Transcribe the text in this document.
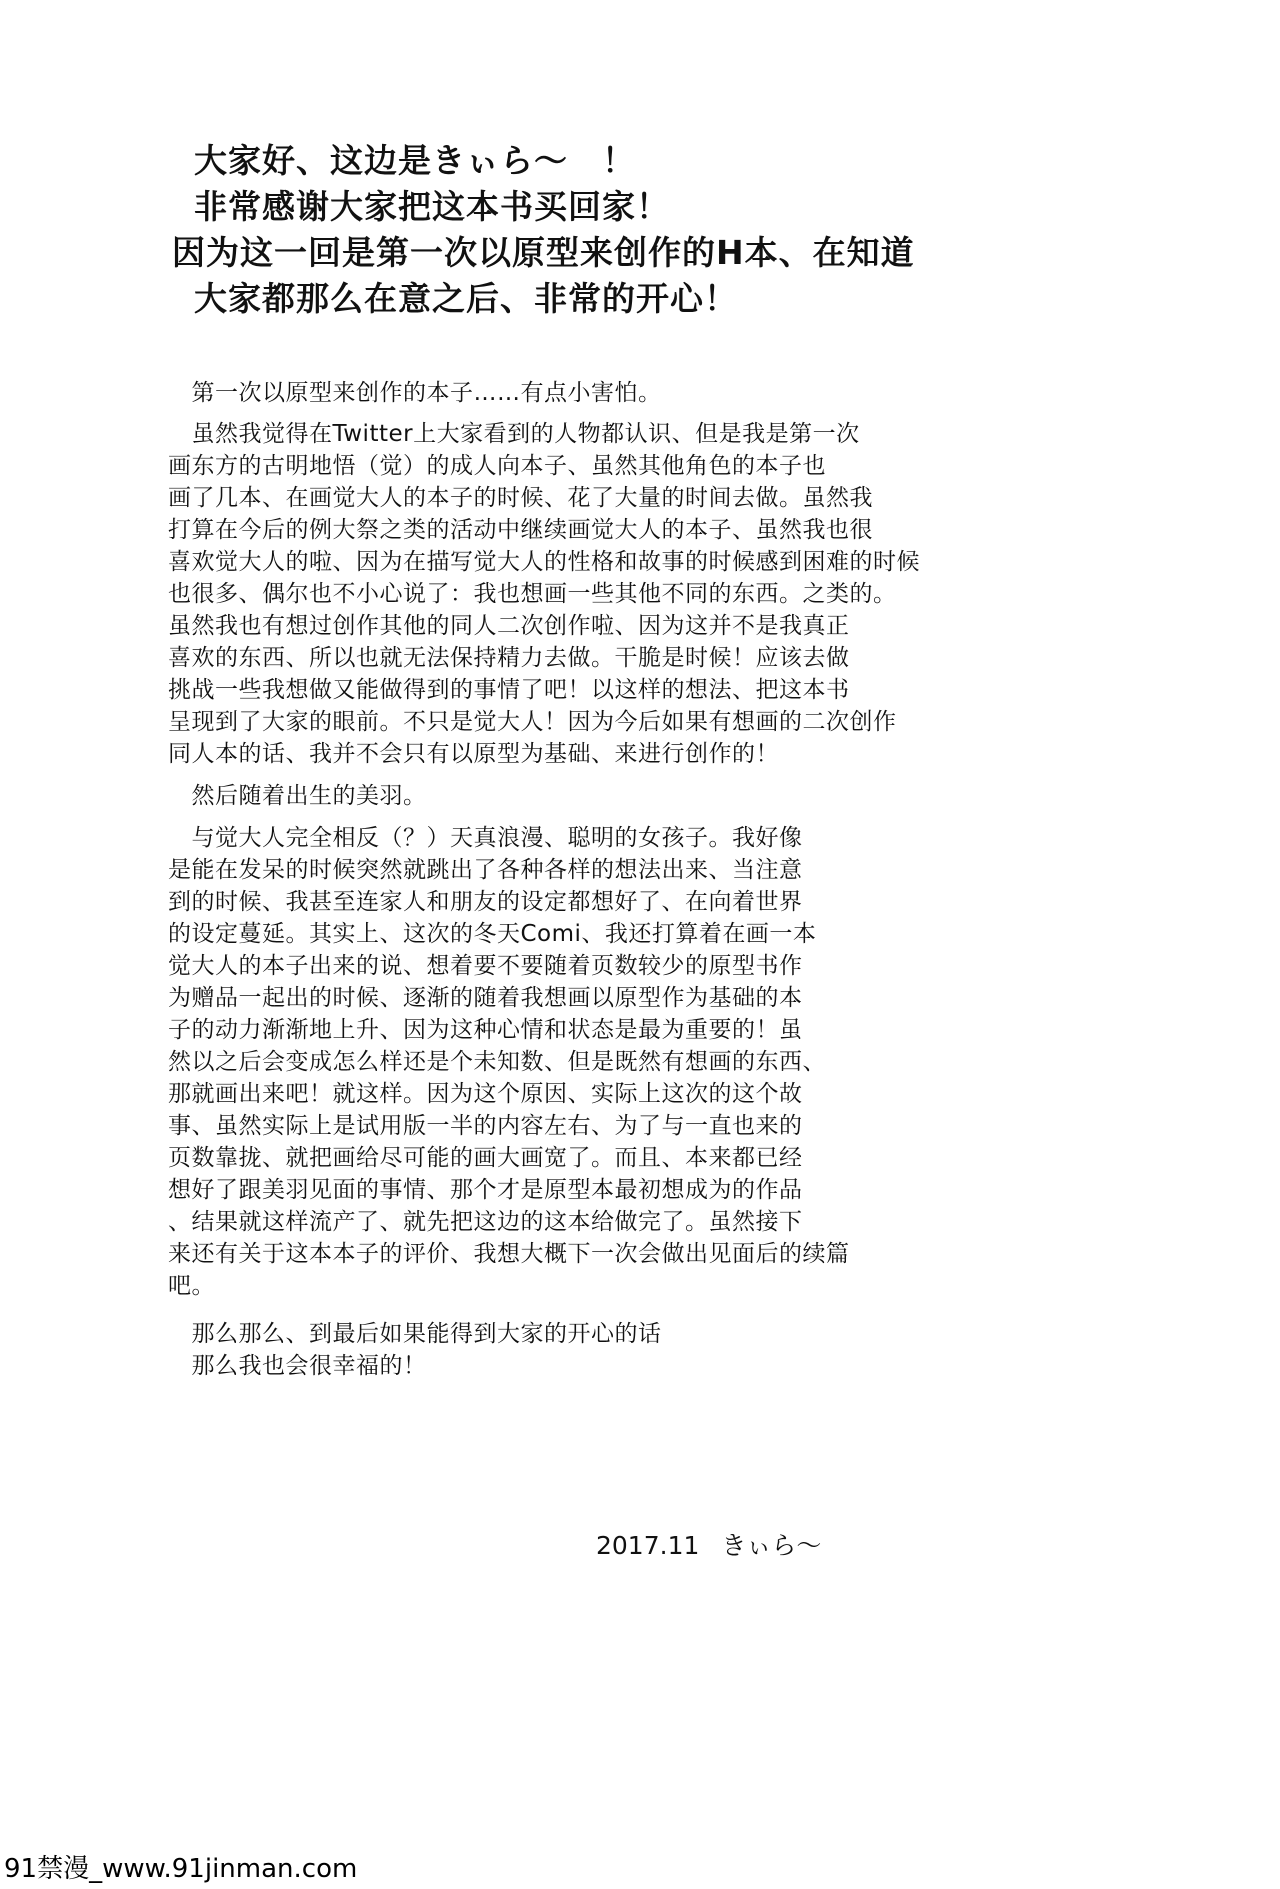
大家好、这边是きぃら～　！
非常感谢大家把这本书买回家！
因为这一回是第一次以原型来创作的H本、在知道
大家都那么在意之后、非常的开心！
　第一次以原型来创作的本子……有点小害怕。
　虽然我觉得在Twitter上大家看到的人物都认识、但是我是第一次
画东方的古明地悟（觉）的成人向本子、虽然其他角色的本子也
画了几本、在画觉大人的本子的时候、花了大量的时间去做。虽然我
打算在今后的例大祭之类的活动中继续画觉大人的本子、虽然我也很
喜欢觉大人的啦、因为在描写觉大人的性格和故事的时候感到困难的时候
也很多、偶尔也不小心说了：我也想画一些其他不同的东西。之类的。
虽然我也有想过创作其他的同人二次创作啦、因为这并不是我真正
喜欢的东西、所以也就无法保持精力去做。干脆是时候！应该去做
挑战一些我想做又能做得到的事情了吧！以这样的想法、把这本书
呈现到了大家的眼前。不只是觉大人！因为今后如果有想画的二次创作
同人本的话、我并不会只有以原型为基础、来进行创作的！
　然后随着出生的美羽。
　与觉大人完全相反（？）天真浪漫、聪明的女孩子。我好像
是能在发呆的时候突然就跳出了各种各样的想法出来、当注意
到的时候、我甚至连家人和朋友的设定都想好了、在向着世界
的设定蔓延。其实上、这次的冬天Comi、我还打算着在画一本
觉大人的本子出来的说、想着要不要随着页数较少的原型书作
为赠品一起出的时候、逐渐的随着我想画以原型作为基础的本
子的动力渐渐地上升、因为这种心情和状态是最为重要的！虽
然以之后会变成怎么样还是个未知数、但是既然有想画的东西、
那就画出来吧！就这样。因为这个原因、实际上这次的这个故
事、虽然实际上是试用版一半的内容左右、为了与一直也来的
页数靠拢、就把画给尽可能的画大画宽了。而且、本来都已经
想好了跟美羽见面的事情、那个才是原型本最初想成为的作品
、结果就这样流产了、就先把这边的这本给做完了。虽然接下
来还有关于这本本子的评价、我想大概下一次会做出见面后的续篇
吧。
　那么那么、到最后如果能得到大家的开心的话
　那么我也会很幸福的！
2017.11 きぃら～
91禁漫_www.91jinman.com
